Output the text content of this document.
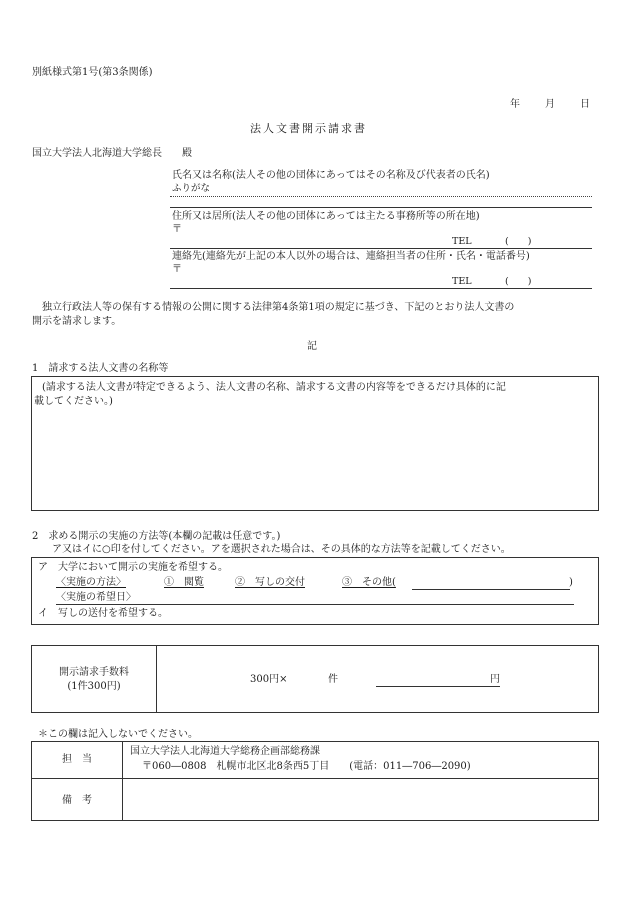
別紙様式第1号(第3条関係)
年	月	日
法人文書開示請求書
国立大学法人北海道大学総長　　殿
氏名又は名称(法人その他の団体にあってはその名称及び代表者の氏名)
ふりがな
住所又は居所(法人その他の団体にあっては主たる事務所等の所在地)
〒
TEL	(　　)
連絡先(連絡先が上記の本人以外の場合は、連絡担当者の住所・氏名・電話番号)
〒
TEL	(　　)
独立行政法人等の保有する情報の公開に関する法律第4条第1項の規定に基づき、下記のとおり法人文書の
開示を請求します。
記
1　請求する法人文書の名称等
(請求する法人文書が特定できるよう、法人文書の名称、請求する文書の内容等をできるだけ具体的に記
載してください。)
2　求める開示の実施の方法等(本欄の記載は任意です。)
ア又はイに○印を付してください。アを選択された場合は、その具体的な方法等を記載してください。
ア　大学において開示の実施を希望する。
〈実施の方法〉	①　閲覧	②　写しの交付	③　その他(	)
〈実施の希望日〉
イ　写しの送付を希望する。
開示請求手数料
(1件300円)
300円×	件	円
＊この欄は記入しないでください。
担　当
国立大学法人北海道大学総務企画部総務課
〒060―0808　札幌市北区北8条西5丁目　　(電話：011―706―2090)
備　考
